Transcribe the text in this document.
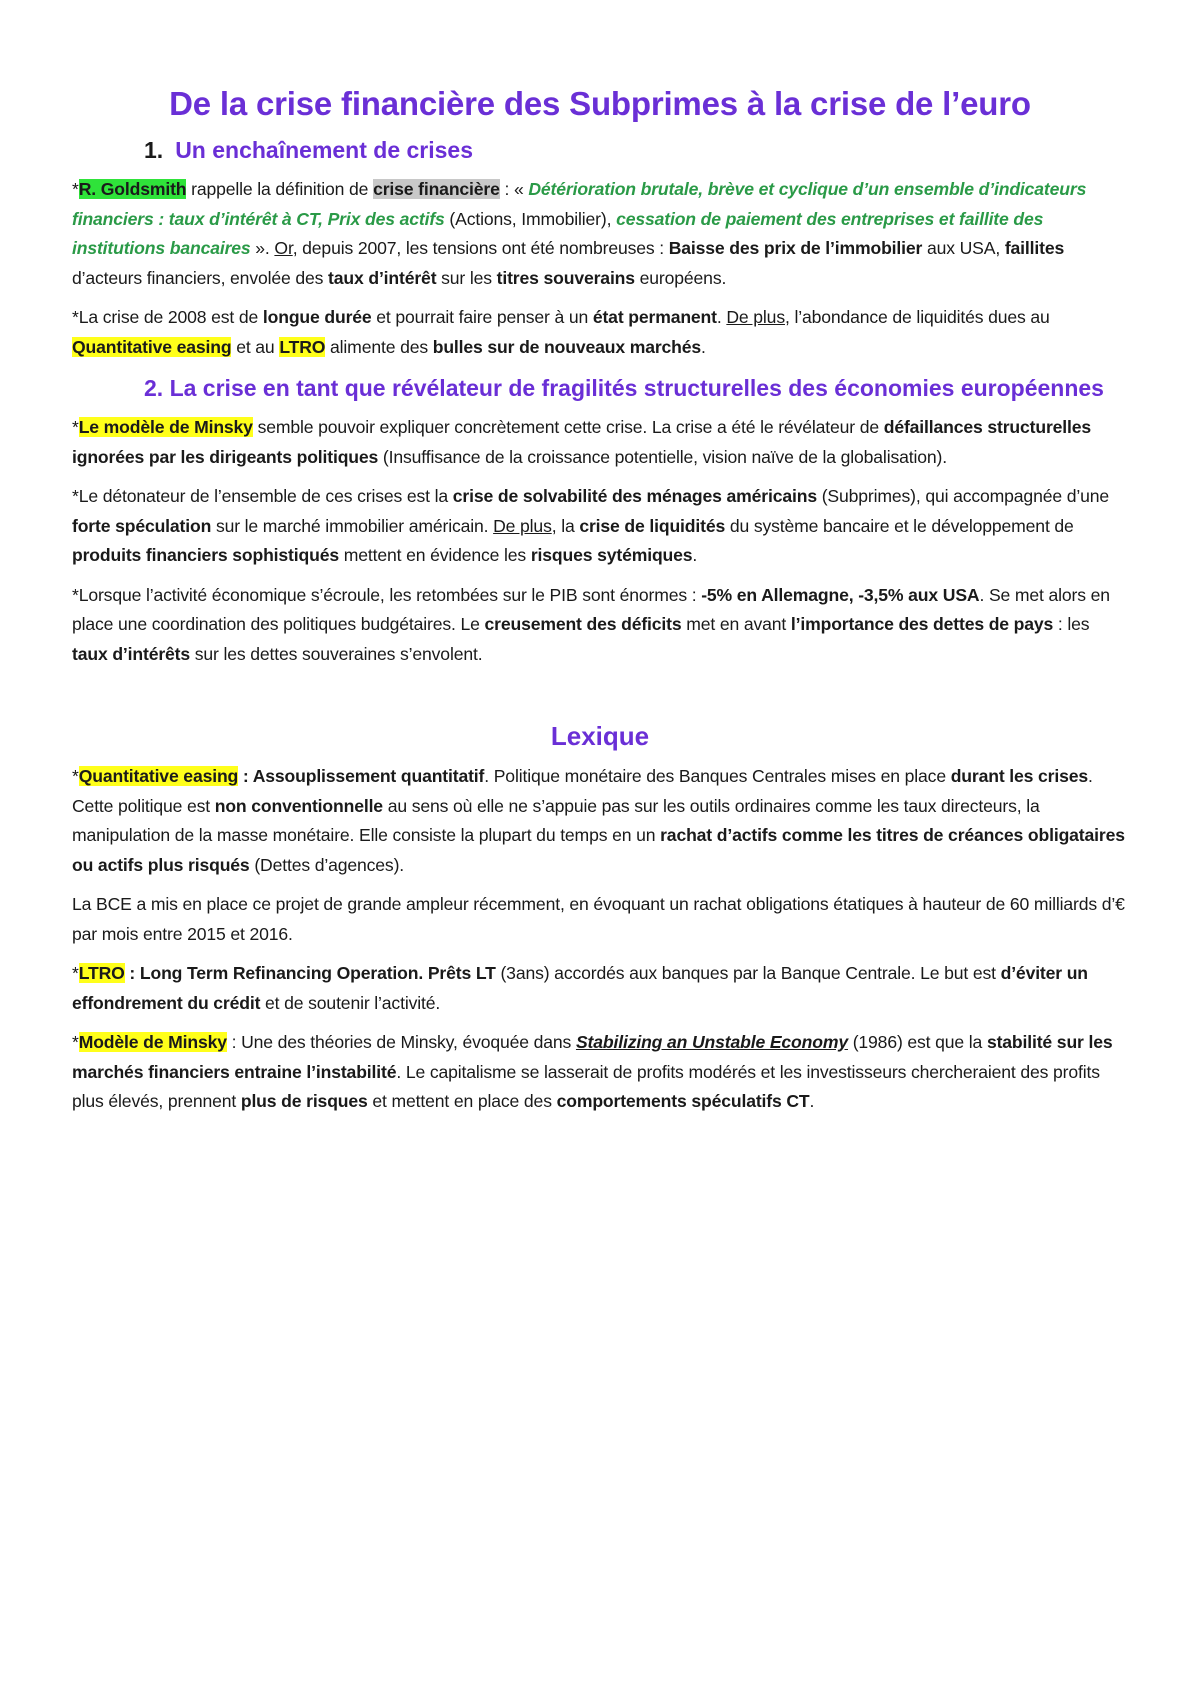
De la crise financière des Subprimes à la crise de l’euro
1. Un enchaînement de crises

*R. Goldsmith rappelle la définition de crise financière : « Détérioration brutale, brève et cyclique d’un ensemble d’indicateurs financiers : taux d’intérêt à CT, Prix des actifs (Actions, Immobilier), cessation de paiement des entreprises et faillite des institutions bancaires ». Or, depuis 2007, les tensions ont été nombreuses : Baisse des prix de l’immobilier aux USA, faillites d’acteurs financiers, envolée des taux d’intérêt sur les titres souverains européens.

*La crise de 2008 est de longue durée et pourrait faire penser à un état permanent. De plus, l’abondance de liquidités dues au Quantitative easing et au LTRO alimente des bulles sur de nouveaux marchés.

2. La crise en tant que révélateur de fragilités structurelles des économies européennes

*Le modèle de Minsky semble pouvoir expliquer concrètement cette crise. La crise a été le révélateur de défaillances structurelles ignorées par les dirigeants politiques (Insuffisance de la croissance potentielle, vision naïve de la globalisation).

*Le détonateur de l’ensemble de ces crises est la crise de solvabilité des ménages américains (Subprimes), qui accompagnée d’une forte spéculation sur le marché immobilier américain. De plus, la crise de liquidités du système bancaire et le développement de produits financiers sophistiqués mettent en évidence les risques sytémiques.

*Lorsque l’activité économique s’écroule, les retombées sur le PIB sont énormes : -5% en Allemagne, -3,5% aux USA. Se met alors en place une coordination des politiques budgétaires. Le creusement des déficits met en avant l’importance des dettes de pays : les taux d’intérêts sur les dettes souveraines s’envolent.

Lexique

*Quantitative easing : Assouplissement quantitatif. Politique monétaire des Banques Centrales mises en place durant les crises. Cette politique est non conventionnelle au sens où elle ne s’appuie pas sur les outils ordinaires comme les taux directeurs, la manipulation de la masse monétaire. Elle consiste la plupart du temps en un rachat d’actifs comme les titres de créances obligataires ou actifs plus risqués (Dettes d’agences).

La BCE a mis en place ce projet de grande ampleur récemment, en évoquant un rachat obligations étatiques à hauteur de 60 milliards d’€ par mois entre 2015 et 2016.

*LTRO : Long Term Refinancing Operation. Prêts LT (3ans) accordés aux banques par la Banque Centrale. Le but est d’éviter un effondrement du crédit et de soutenir l’activité.

*Modèle de Minsky : Une des théories de Minsky, évoquée dans Stabilizing an Unstable Economy (1986) est que la stabilité sur les marchés financiers entraine l’instabilité. Le capitalisme se lasserait de profits modérés et les investisseurs chercheraient des profits plus élevés, prennent plus de risques et mettent en place des comportements spéculatifs CT.
